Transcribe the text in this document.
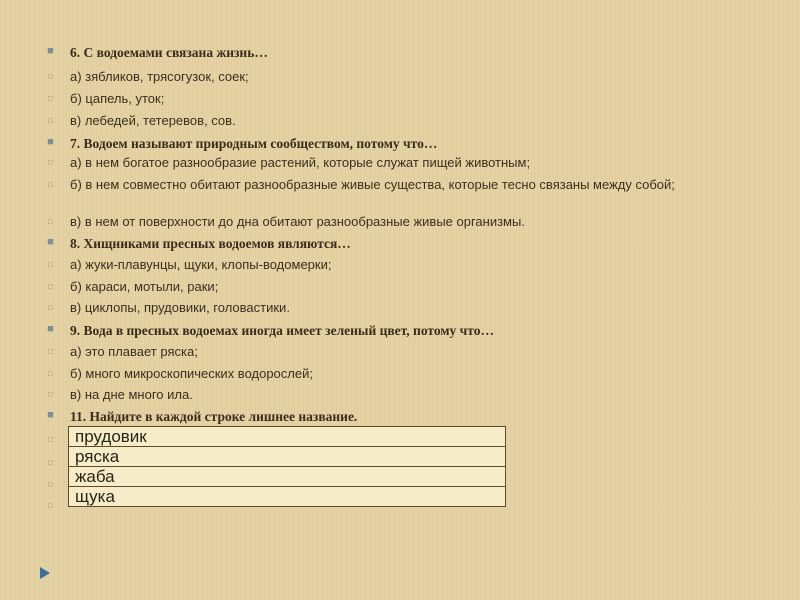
■ 6. С водоемами связана жизнь…
□ а) зябликов, трясогузок, соек;
□ б) цапель, уток;
□ в) лебедей, тетеревов, сов.
■ 7. Водоем называют природным сообществом, потому что…
□ а) в нем богатое разнообразие растений, которые служат пищей животным;
□ б) в нем совместно обитают разнообразные живые существа, которые тесно связаны между собой;
□ в) в нем от поверхности до дна обитают разнообразные живые организмы.
■ 8. Хищниками пресных водоемов являются…
□ а) жуки-плавунцы, щуки, клопы-водомерки;
□ б) караси, мотыли, раки;
□ в) циклопы, прудовики, головастики.
■ 9. Вода в пресных водоемах иногда имеет зеленый цвет, потому что…
□ а) это плавает ряска;
□ б) много микроскопических водорослей;
□ в) на дне много ила.
■ 11. Найдите в каждой строке лишнее название.
□
□
□
□
прудовик
ряска
жаба
щука
